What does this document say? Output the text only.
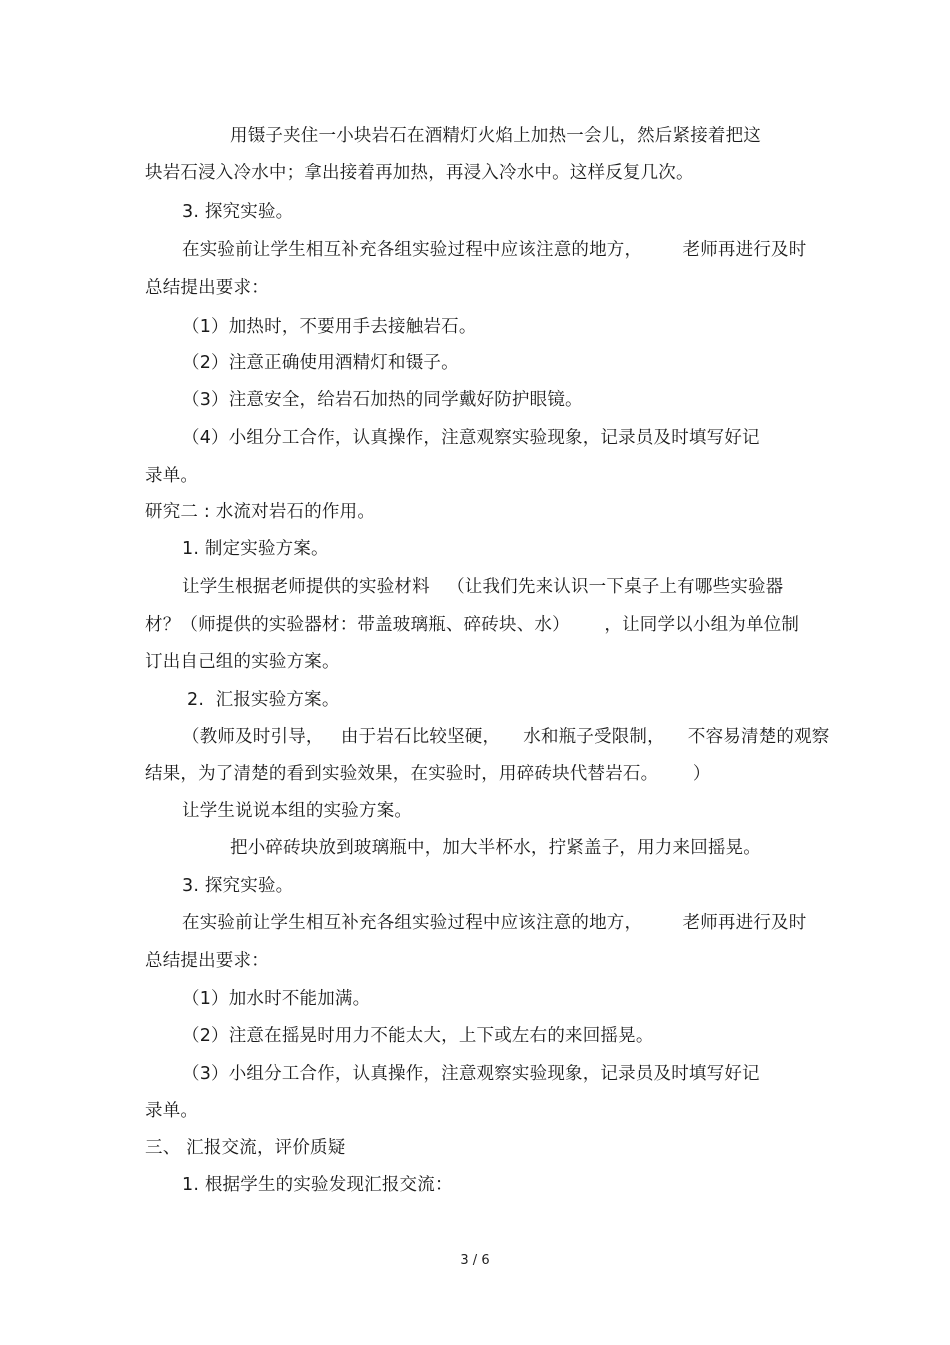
用镊子夹住一小块岩石在酒精灯火焰上加热一会儿，然后紧接着把这
块岩石浸入冷水中；拿出接着再加热，再浸入冷水中。这样反复几次。
3. 探究实验。
在实验前让学生相互补充各组实验过程中应该注意的地方，       老师再进行及时
总结提出要求：
（1）加热时，不要用手去接触岩石。
（2）注意正确使用酒精灯和镊子。
（3）注意安全，给岩石加热的同学戴好防护眼镜。
（4）小组分工合作，认真操作，注意观察实验现象，记录员及时填写好记
录单。
研究二 : 水流对岩石的作用。
1. 制定实验方案。
让学生根据老师提供的实验材料   （让我们先来认识一下桌子上有哪些实验器
材？（师提供的实验器材：带盖玻璃瓶、碎砖块、水）      ，让同学以小组为单位制
订出自己组的实验方案。
2.  汇报实验方案。
（教师及时引导，   由于岩石比较坚硬，    水和瓶子受限制，    不容易清楚的观察
结果，为了清楚的看到实验效果，在实验时，用碎砖块代替岩石。      ）
让学生说说本组的实验方案。
把小碎砖块放到玻璃瓶中，加大半杯水，拧紧盖子，用力来回摇晃。
3. 探究实验。
在实验前让学生相互补充各组实验过程中应该注意的地方，       老师再进行及时
总结提出要求：
（1）加水时不能加满。
（2）注意在摇晃时用力不能太大，上下或左右的来回摇晃。
（3）小组分工合作，认真操作，注意观察实验现象，记录员及时填写好记
录单。
三、 汇报交流，评价质疑
1. 根据学生的实验发现汇报交流：
3 / 6
